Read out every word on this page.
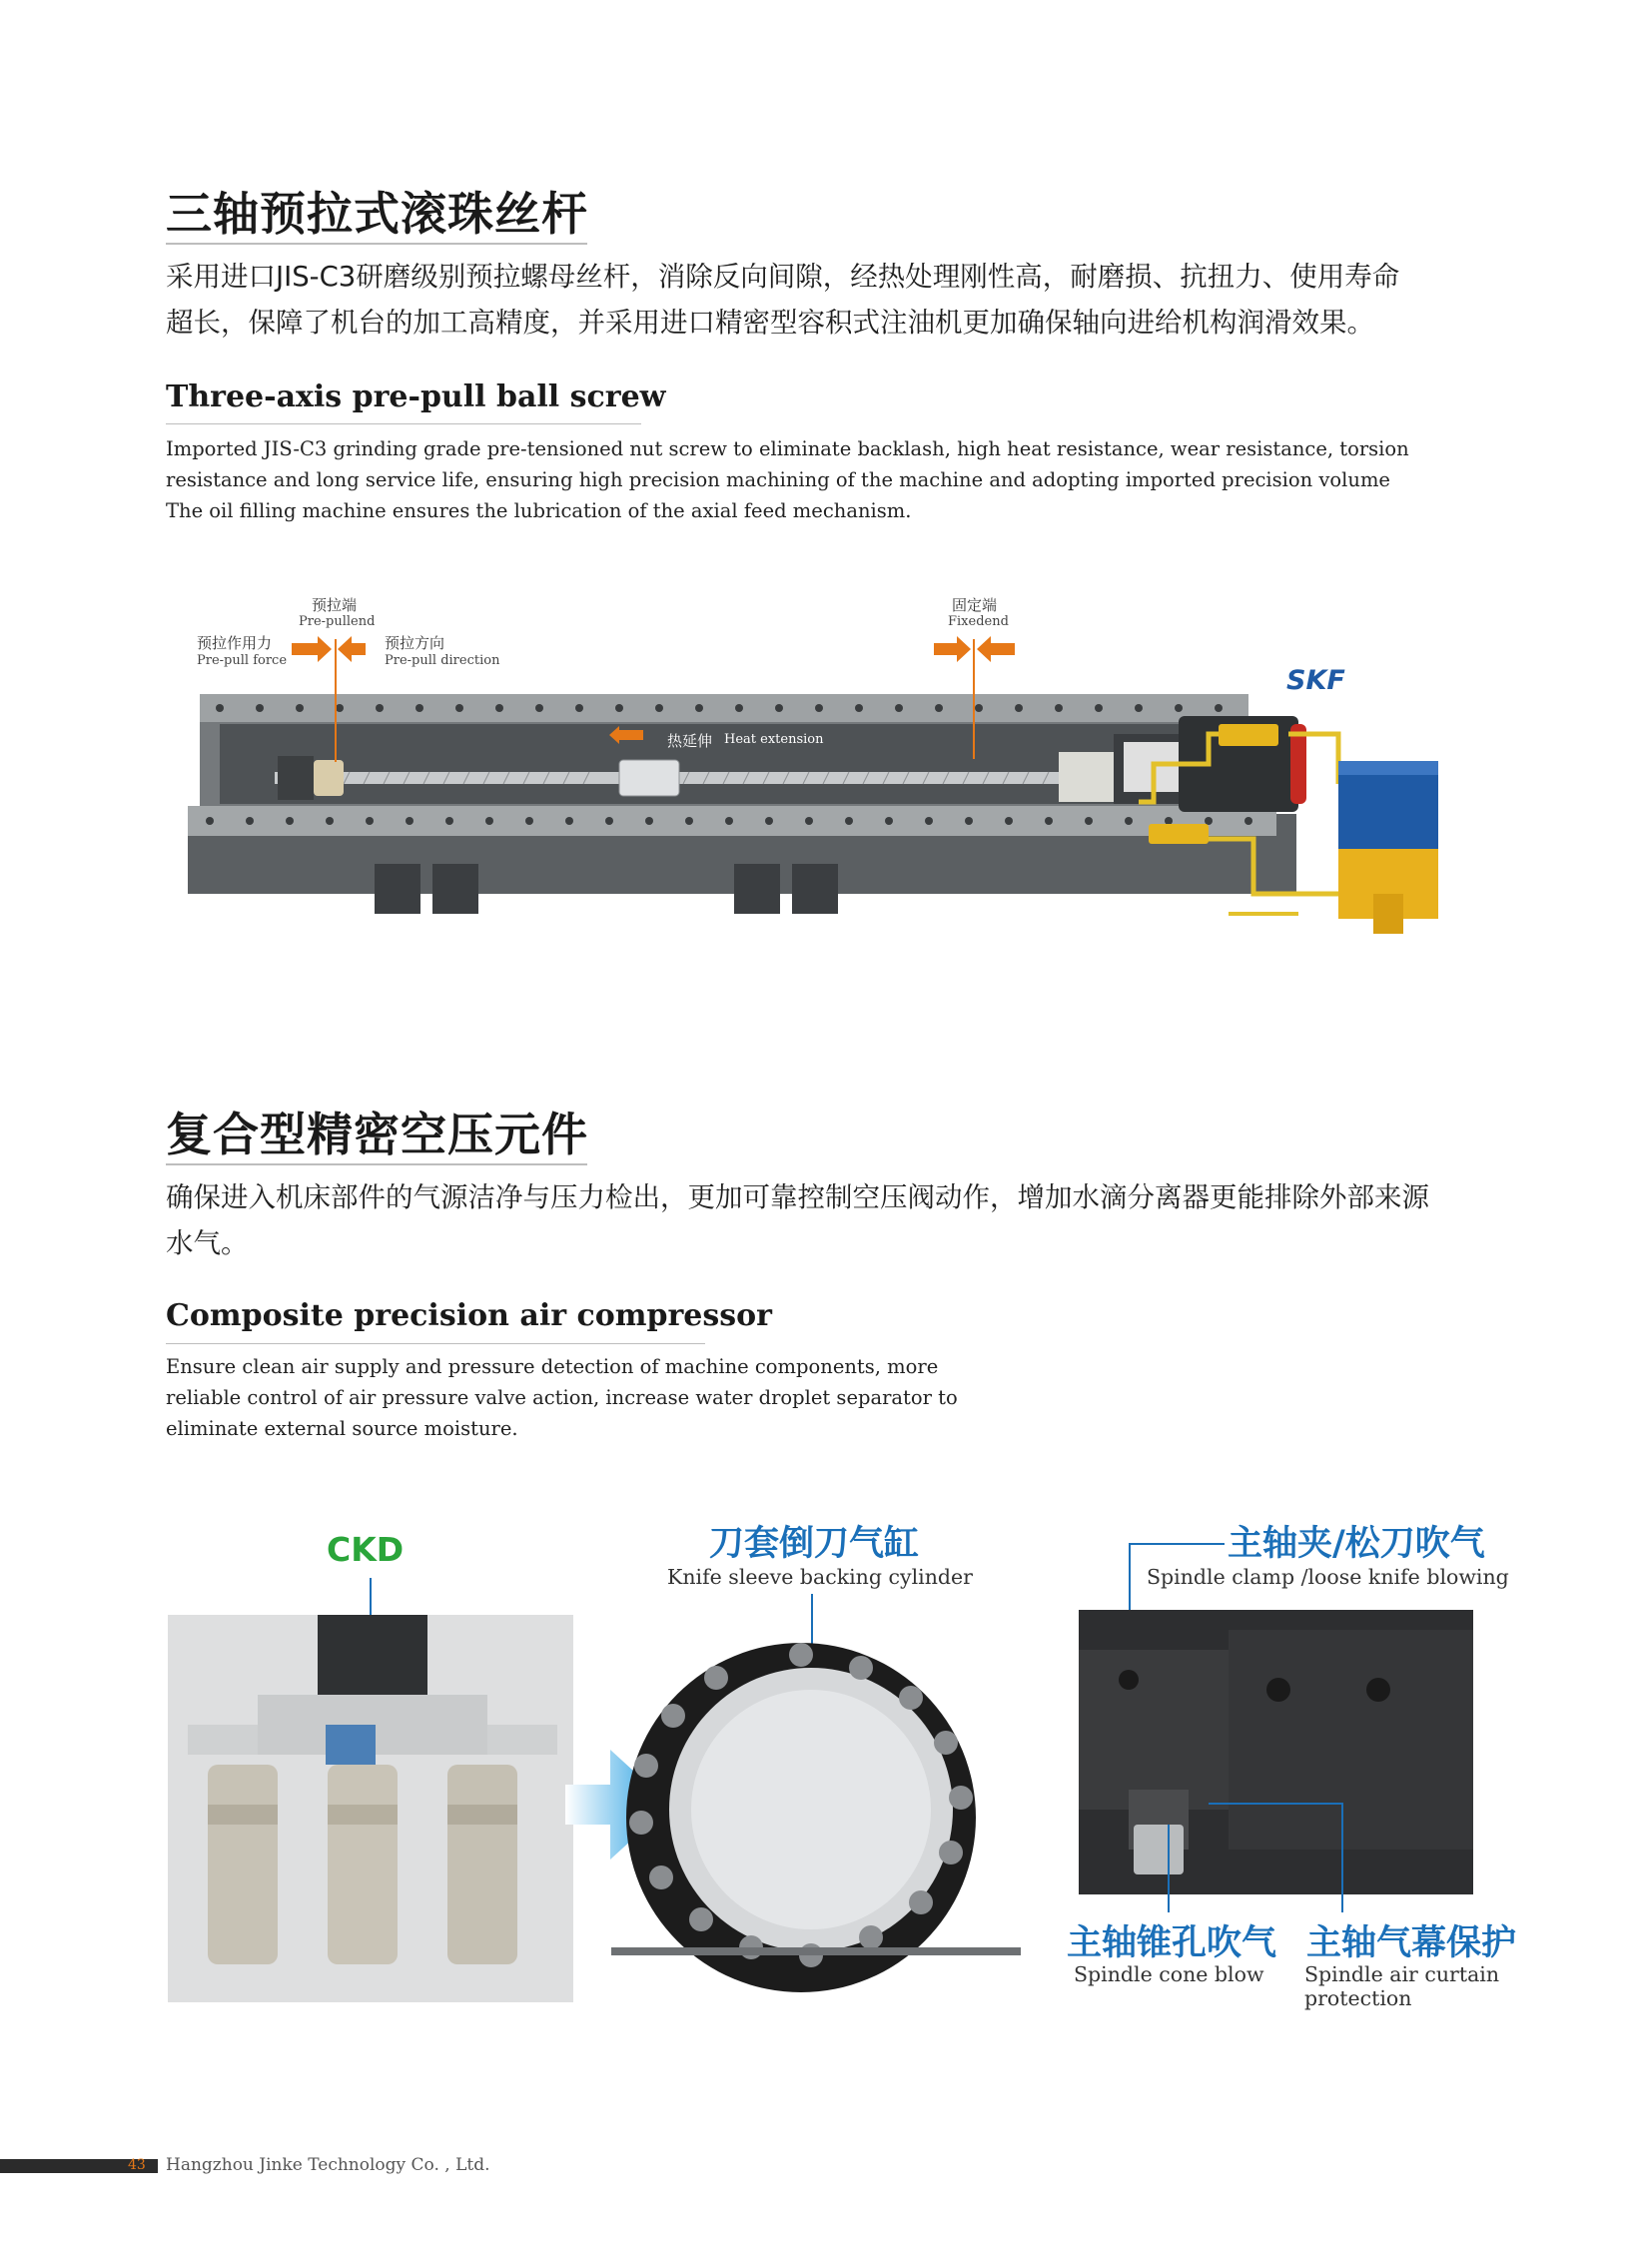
三轴预拉式滚珠丝杆
采用进口JIS-C3研磨级别预拉螺母丝杆，消除反向间隙，经热处理刚性高，耐磨损、抗扭力、使用寿命
超长，保障了机台的加工高精度，并采用进口精密型容积式注油机更加确保轴向进给机构润滑效果。
Three-axis pre-pull ball screw
Imported JIS-C3 grinding grade pre-tensioned nut screw to eliminate backlash, high heat resistance, wear resistance, torsion
resistance and long service life, ensuring high precision machining of the machine and adopting imported precision volume
The oil filling machine ensures the lubrication of the axial feed mechanism.
预拉端
Pre-pullend
预拉作用力
Pre-pull force
预拉方向
Pre-pull direction
固定端
Fixedend
热延伸 Heat extension
SKF
复合型精密空压元件
确保进入机床部件的气源洁净与压力检出，更加可靠控制空压阀动作，增加水滴分离器更能排除外部来源
水气。
Composite precision air compressor
Ensure clean air supply and pressure detection of machine components, more
reliable control of air pressure valve action, increase water droplet separator to
eliminate external source moisture.
CKD	刀套倒刀气缸
Knife sleeve backing cylinder
主轴夹/松刀吹气
Spindle clamp /loose knife blowing
主轴锥孔吹气
Spindle cone blow
主轴气幕保护
Spindle air curtain
protection
43 Hangzhou Jinke Technology Co. , Ltd.
